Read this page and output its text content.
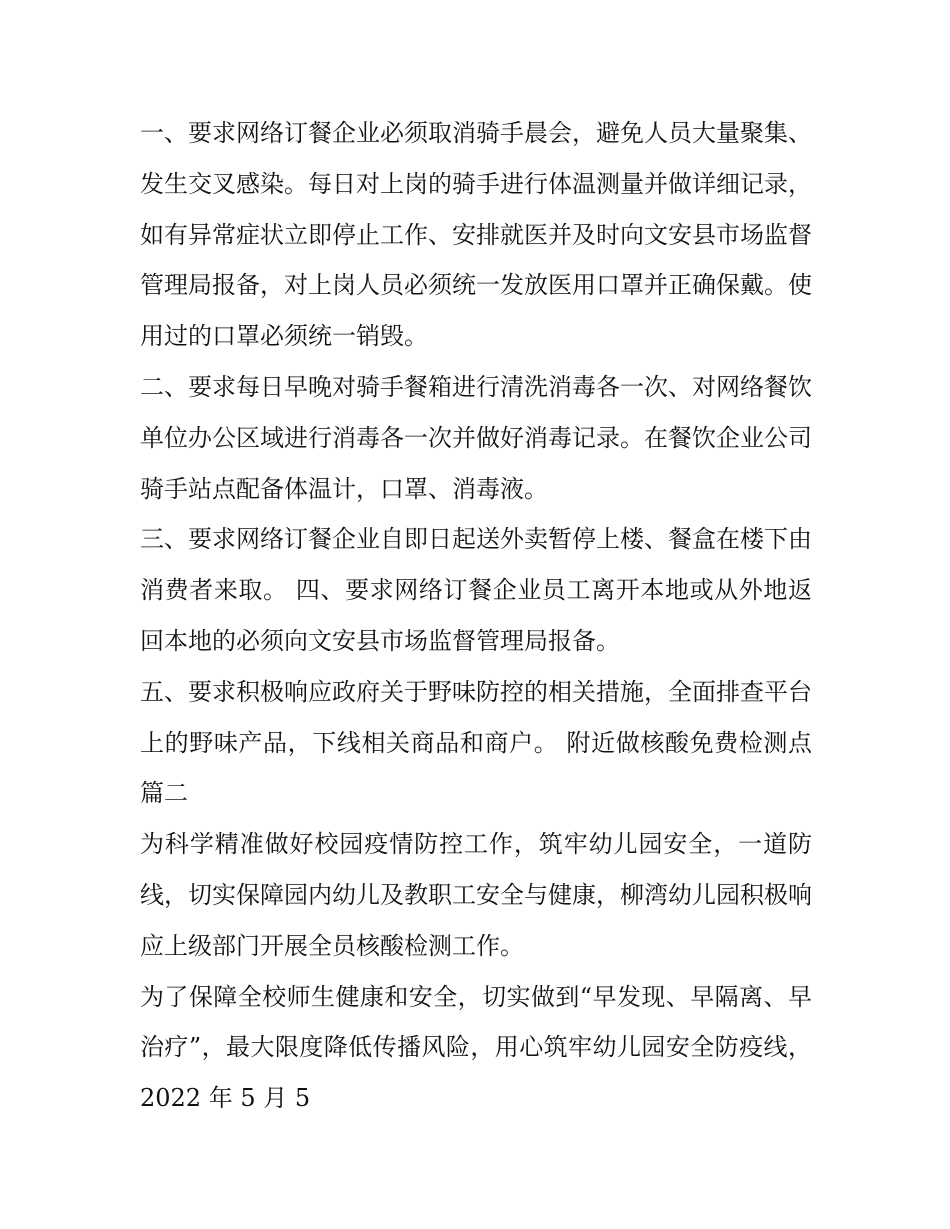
一、要求网络订餐企业必须取消骑手晨会，避免人员大量聚集、发生交叉感染。每日对上岗的骑手进行体温测量并做详细记录，如有异常症状立即停止工作、安排就医并及时向文安县市场监督管理局报备，对上岗人员必须统一发放医用口罩并正确保戴。使用过的口罩必须统一销毁。

二、要求每日早晚对骑手餐箱进行清洗消毒各一次、对网络餐饮单位办公区域进行消毒各一次并做好消毒记录。在餐饮企业公司骑手站点配备体温计，口罩、消毒液。

三、要求网络订餐企业自即日起送外卖暂停上楼、餐盒在楼下由消费者来取。 四、要求网络订餐企业员工离开本地或从外地返回本地的必须向文安县市场监督管理局报备。

五、要求积极响应政府关于野味防控的相关措施，全面排查平台上的野味产品，下线相关商品和商户。 附近做核酸免费检测点篇二

为科学精准做好校园疫情防控工作，筑牢幼儿园安全，一道防线，切实保障园内幼儿及教职工安全与健康，柳湾幼儿园积极响应上级部门开展全员核酸检测工作。

为了保障全校师生健康和安全，切实做到“早发现、早隔离、早治疗”，最大限度降低传播风险，用心筑牢幼儿园安全防疫线，2022 年 5 月 5
